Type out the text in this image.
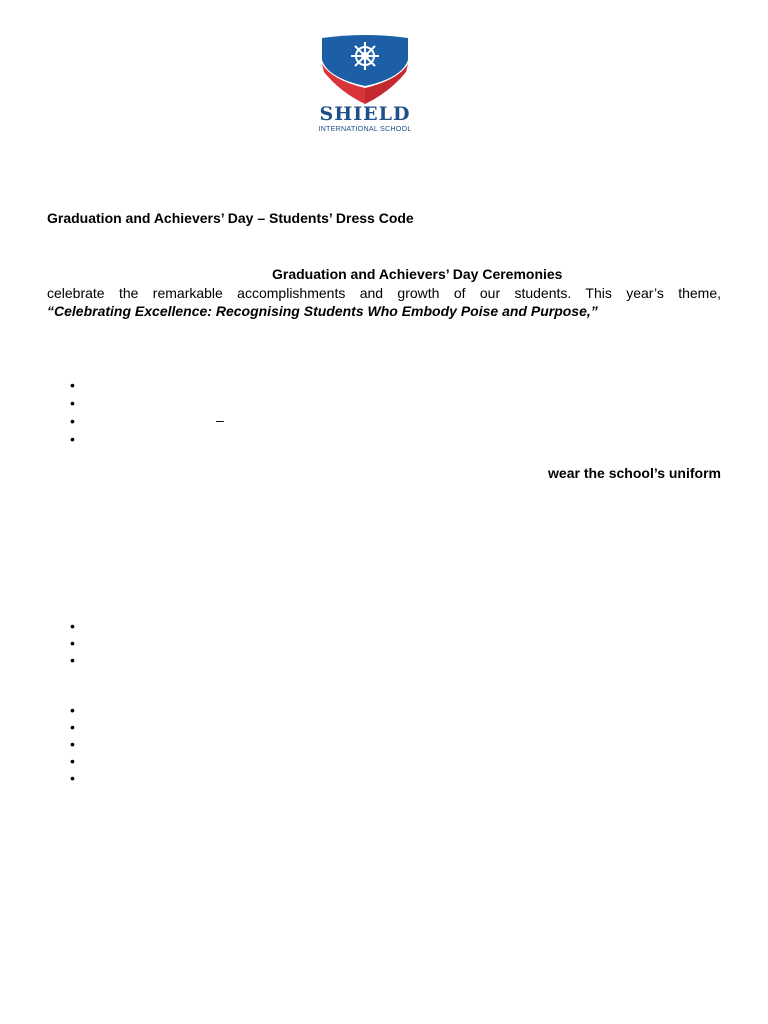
SHIELD
INTERNATIONAL SCHOOL
Graduation and Achievers’ Day – Students’ Dress Code
Graduation and Achievers’ Day Ceremonies
celebrate the remarkable accomplishments and growth of our students. This year’s theme,
“Celebrating Excellence: Recognising Students Who Embody Poise and Purpose,”
•
•
•
•
–
wear the school’s uniform
•
•
•
•
•
•
•
•
